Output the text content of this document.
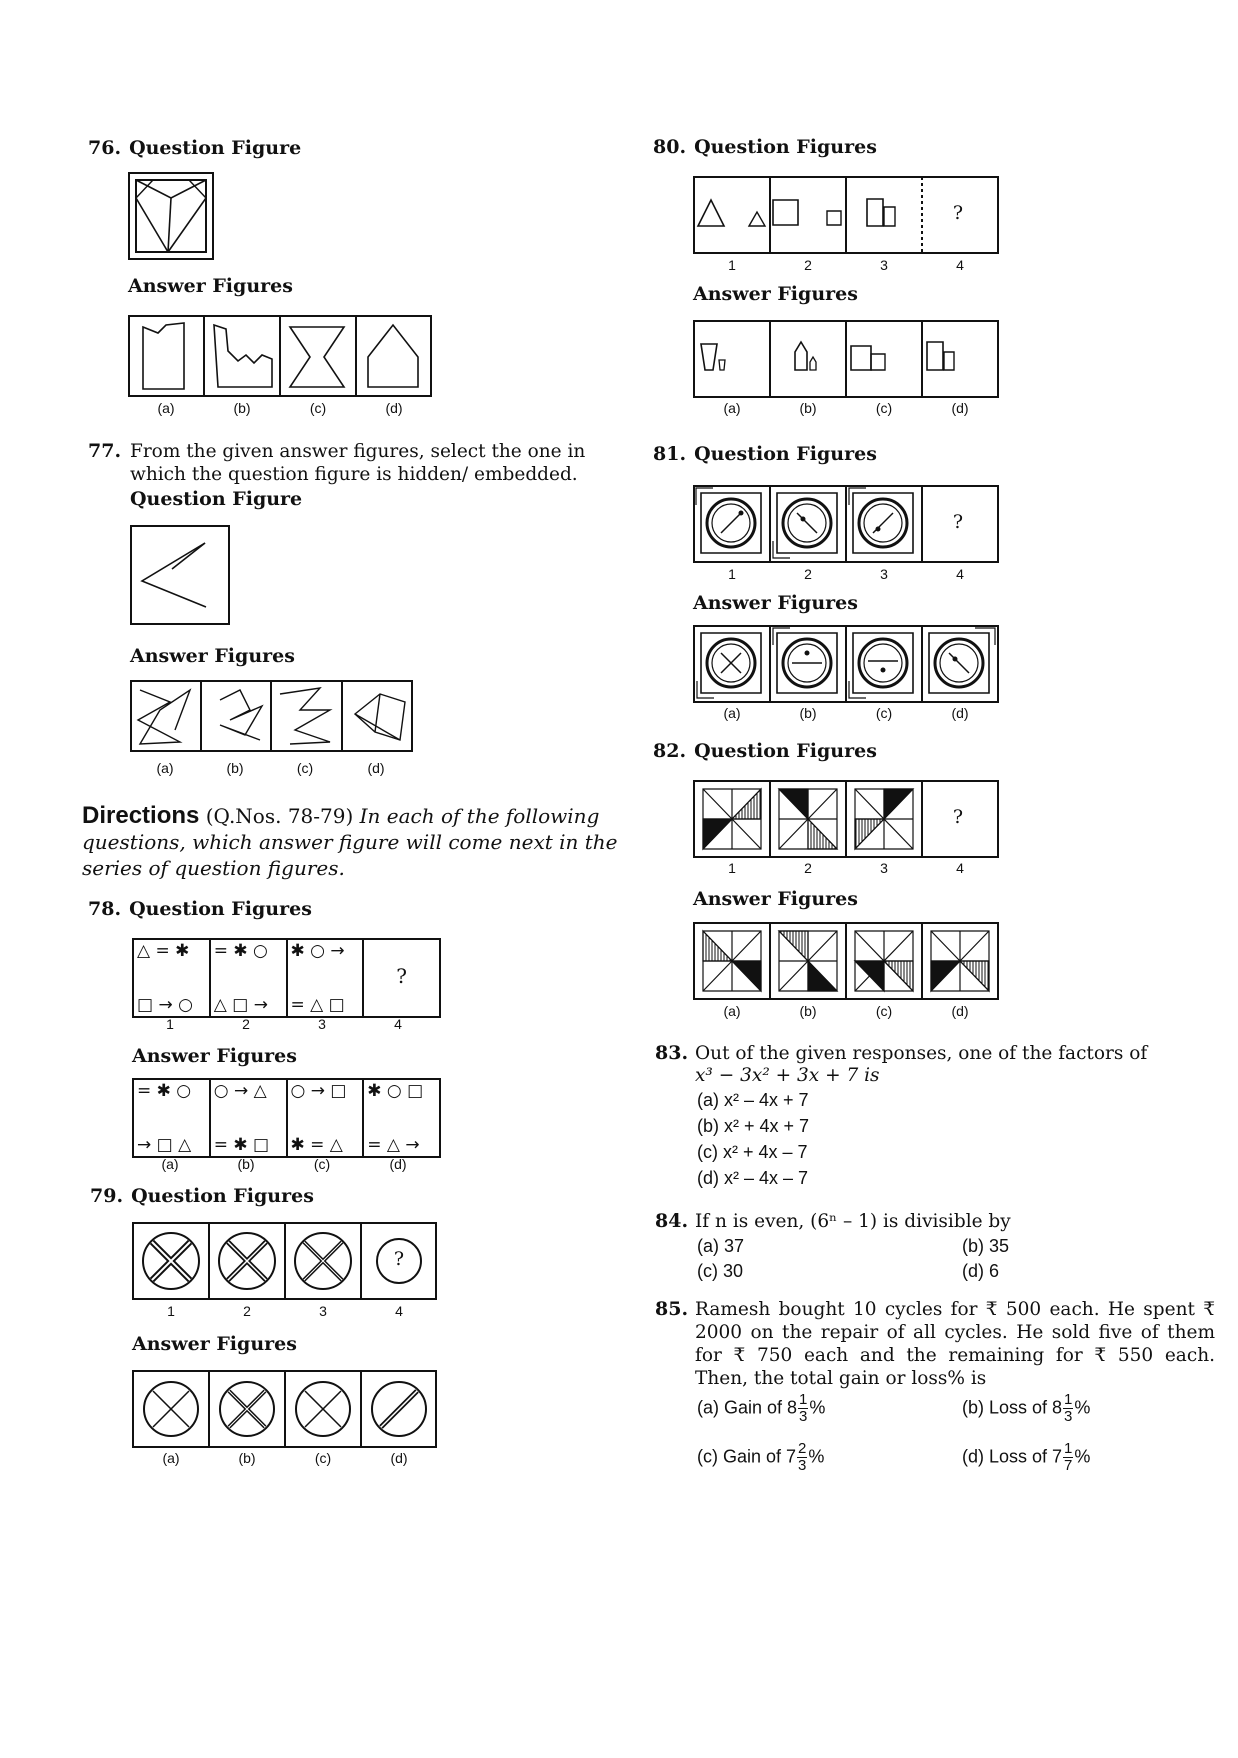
76. Question Figure
Answer Figures
(a)	(b)	(c)	(d)
77. From the given answer figures, select the one in which the question figure is hidden/ embedded.
Question Figure
Answer Figures
(a)	(b)	(c)	(d)
Directions (Q.Nos. 78-79) In each of the following questions, which answer figure will come next in the series of question figures.
78. Question Figures
△ = ✱
□ → ○
= ✱ ○
△ □ →
✱ ○ →
= △ □
?
1	2	3	4
Answer Figures
= ✱ ○
→ □ △
○ → △
= ✱ □
○ → □
✱ = △
✱ ○ □
= △ →
(a)	(b)	(c)	(d)
79. Question Figures
?
1	2	3	4
Answer Figures
(a)	(b)	(c)	(d)
80. Question Figures
?
1	2	3	4
Answer Figures
(a)	(b)	(c)	(d)
81. Question Figures
?
1	2	3	4
Answer Figures
(a)	(b)	(c)	(d)
82. Question Figures
?
1	2	3	4
Answer Figures
(a)	(b)	(c)	(d)
83. Out of the given responses, one of the factors of
x³ − 3x² + 3x + 7 is
(a) x² – 4x + 7
(b) x² + 4x + 7
(c) x² + 4x – 7
(d) x² – 4x – 7
84. If n is even, (6ⁿ – 1) is divisible by
(a) 37	(b) 35
(c) 30	(d) 6
85. Ramesh bought 10 cycles for ₹ 500 each. He spent ₹ 2000 on the repair of all cycles. He sold five of them for ₹ 750 each and the remaining for ₹ 550 each. Then, the total gain or loss% is
(a) Gain of $8 \frac{1}{3}$ %	(b) Loss of $8 \frac{1}{3}$ %
(c) Gain of $7 \frac{2}{3}$ %	(d) Loss of $7 \frac{1}{7}$ %
